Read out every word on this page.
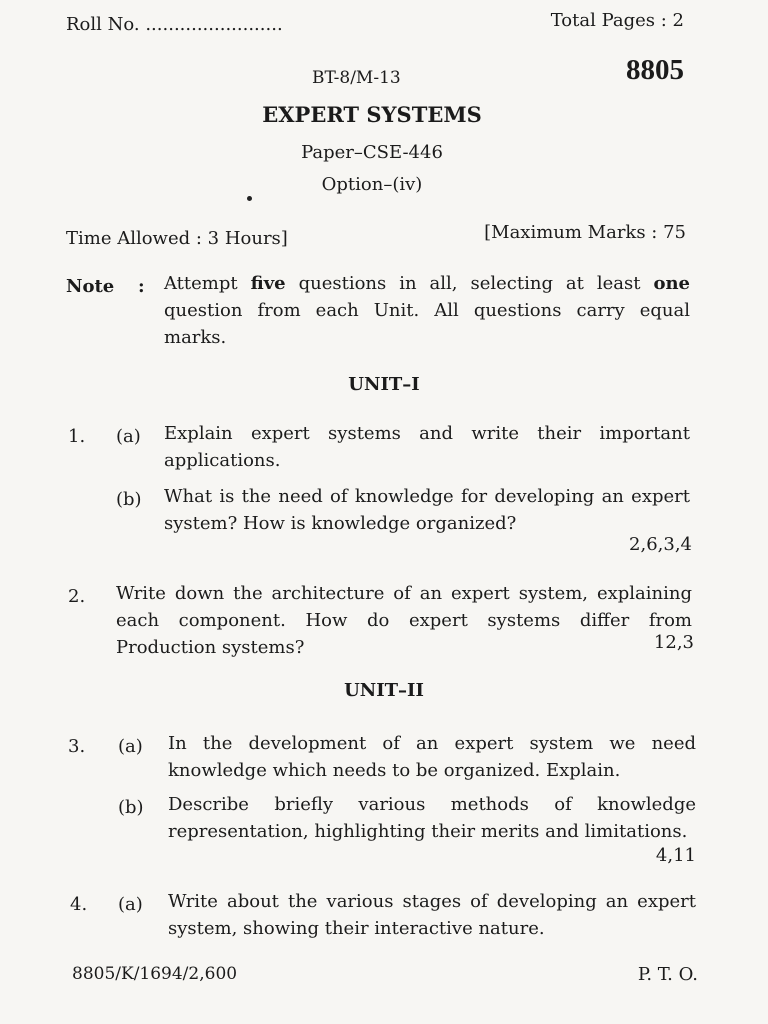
Roll No. ........................	Total Pages : 2
BT-8/M-13	8805
EXPERT SYSTEMS
Paper–CSE-446
Option–(iv)
Time Allowed : 3 Hours]	[Maximum Marks : 75
Note : Attempt five questions in all, selecting at least one question from each Unit. All questions carry equal marks.
UNIT–I
1. (a) Explain expert systems and write their important applications.
(b) What is the need of knowledge for developing an expert system? How is knowledge organized?
2,6,3,4
2. Write down the architecture of an expert system, explaining each component. How do expert systems differ from Production systems?	12,3
UNIT–II
3. (a) In the development of an expert system we need knowledge which needs to be organized. Explain.
(b) Describe briefly various methods of knowledge representation, highlighting their merits and limitations.
4,11
4. (a) Write about the various stages of developing an expert system, showing their interactive nature.
8805/K/1694/2,600	P. T. O.
